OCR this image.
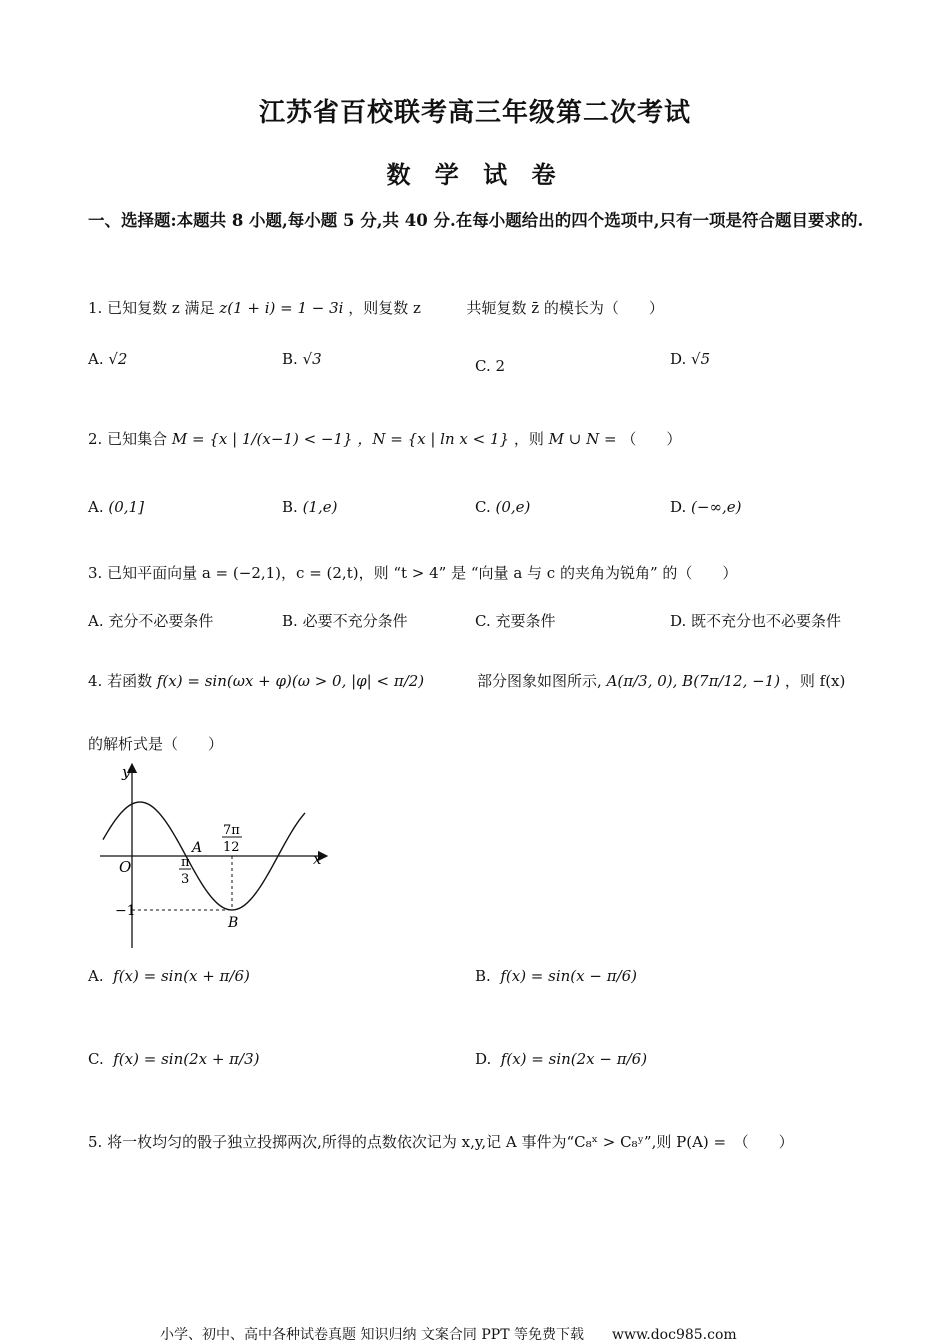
江苏省百校联考高三年级第二次考试
数 学 试 卷
一、选择题:本题共 8 小题,每小题 5 分,共 40 分.在每小题给出的四个选项中,只有一项是符合题目要求的.
1. 已知复数 z 满足 z(1 + i) = 1 − 3i ，则复数 z	共轭复数 z̄ 的模长为（　　）
A. √2	B. √3	C. 2	D. √5
2. 已知集合 M = {x | 1/(x−1) < −1} ，N = {x | ln x < 1} ，则 M ∪ N = （　　）
A. (0,1]	B. (1,e)	C. (0,e)	D. (−∞,e)
3. 已知平面向量 a = (−2,1)，c = (2,t)，则 “t > 4” 是 “向量 a 与 c 的夹角为锐角” 的（　　）
A. 充分不必要条件	B. 必要不充分条件	C. 充要条件	D. 既不充分也不必要条件
4. 若函数 f(x) = sin(ωx + φ)(ω > 0, |φ| < π/2)	部分图象如图所示, A(π/3, 0), B(7π/12, −1) ，则 f(x)
的解析式是（　　）
y
x
O
A
B
π
3
7π
12
−1
A.  f(x) = sin(x + π/6)	B.  f(x) = sin(x − π/6)
C.  f(x) = sin(2x + π/3)	D.  f(x) = sin(2x − π/6)
5. 将一枚均匀的骰子独立投掷两次,所得的点数依次记为 x,y,记 A 事件为“C₈ˣ > C₈ʸ”,则 P(A) =　（　　）
小学、初中、高中各种试卷真题 知识归纳 文案合同 PPT 等免费下载　　www.doc985.com
